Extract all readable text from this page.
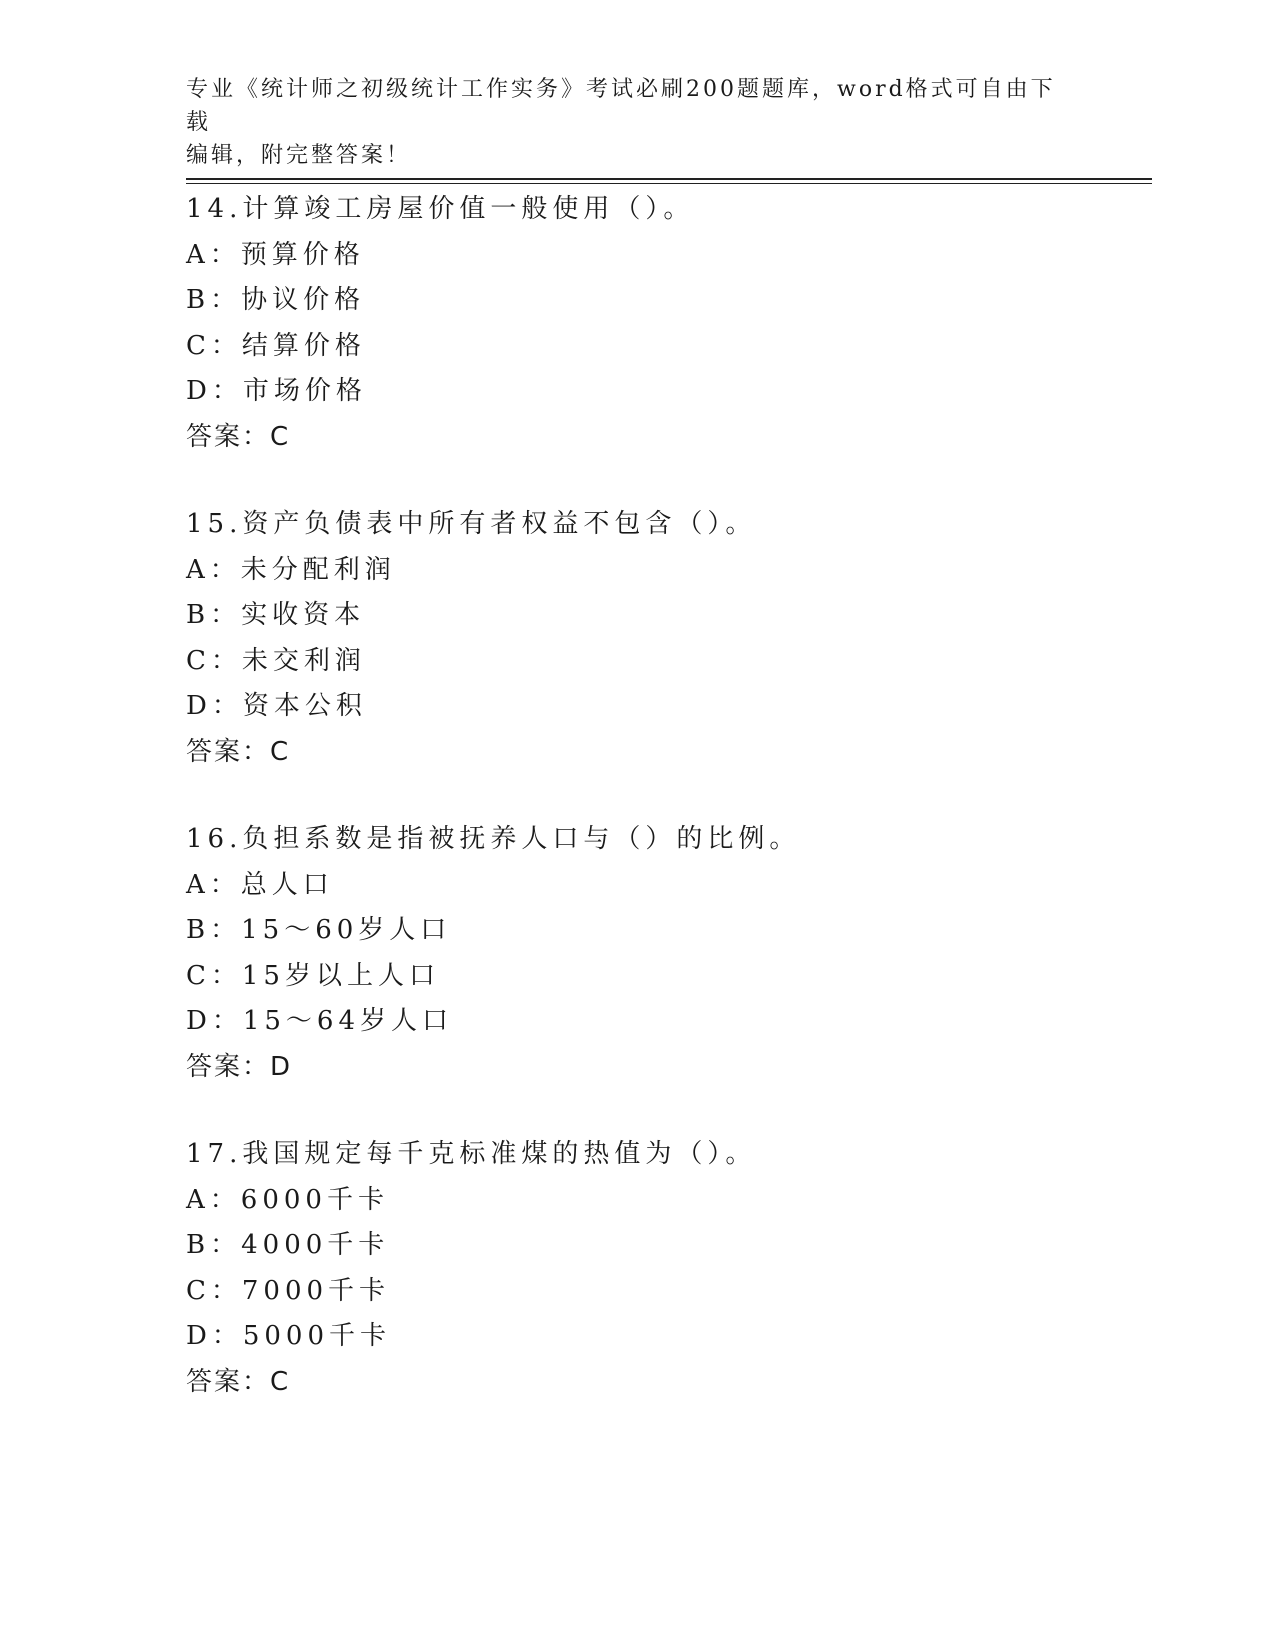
专业《统计师之初级统计工作实务》考试必刷200题题库，word格式可自由下载
编辑，附完整答案！
14.计算竣工房屋价值一般使用（）。
A：预算价格
B：协议价格
C：结算价格
D：市场价格
答案：C
15.资产负债表中所有者权益不包含（）。
A：未分配利润
B：实收资本
C：未交利润
D：资本公积
答案：C
16.负担系数是指被抚养人口与（）的比例。
A：总人口
B：15～60岁人口
C：15岁以上人口
D：15～64岁人口
答案：D
17.我国规定每千克标准煤的热值为（）。
A：6000千卡
B：4000千卡
C：7000千卡
D：5000千卡
答案：C
